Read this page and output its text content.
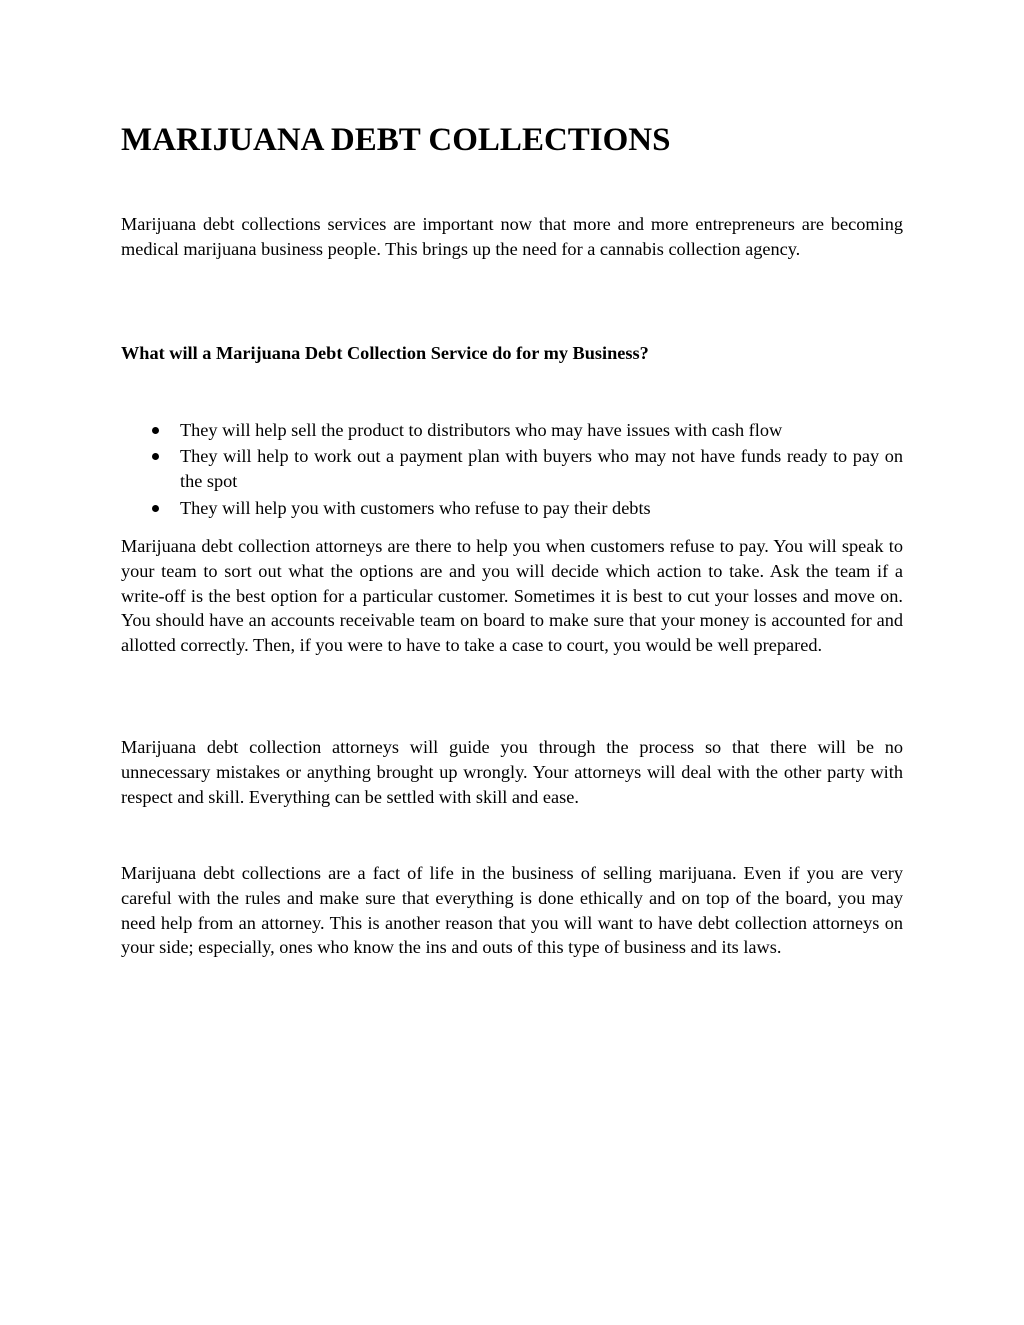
MARIJUANA DEBT COLLECTIONS

Marijuana debt collections services are important now that more and more entrepreneurs are becoming medical marijuana business people. This brings up the need for a cannabis collection agency.

What will a Marijuana Debt Collection Service do for my Business?
They will help sell the product to distributors who may have issues with cash flow
They will help to work out a payment plan with buyers who may not have funds ready to pay on the spot
They will help you with customers who refuse to pay their debts

Marijuana debt collection attorneys are there to help you when customers refuse to pay. You will speak to your team to sort out what the options are and you will decide which action to take. Ask the team if a write-off is the best option for a particular customer. Sometimes it is best to cut your losses and move on. You should have an accounts receivable team on board to make sure that your money is accounted for and allotted correctly. Then, if you were to have to take a case to court, you would be well prepared.

Marijuana debt collection attorneys will guide you through the process so that there will be no unnecessary mistakes or anything brought up wrongly. Your attorneys will deal with the other party with respect and skill. Everything can be settled with skill and ease.

Marijuana debt collections are a fact of life in the business of selling marijuana. Even if you are very careful with the rules and make sure that everything is done ethically and on top of the board, you may need help from an attorney. This is another reason that you will want to have debt collection attorneys on your side; especially, ones who know the ins and outs of this type of business and its laws.
